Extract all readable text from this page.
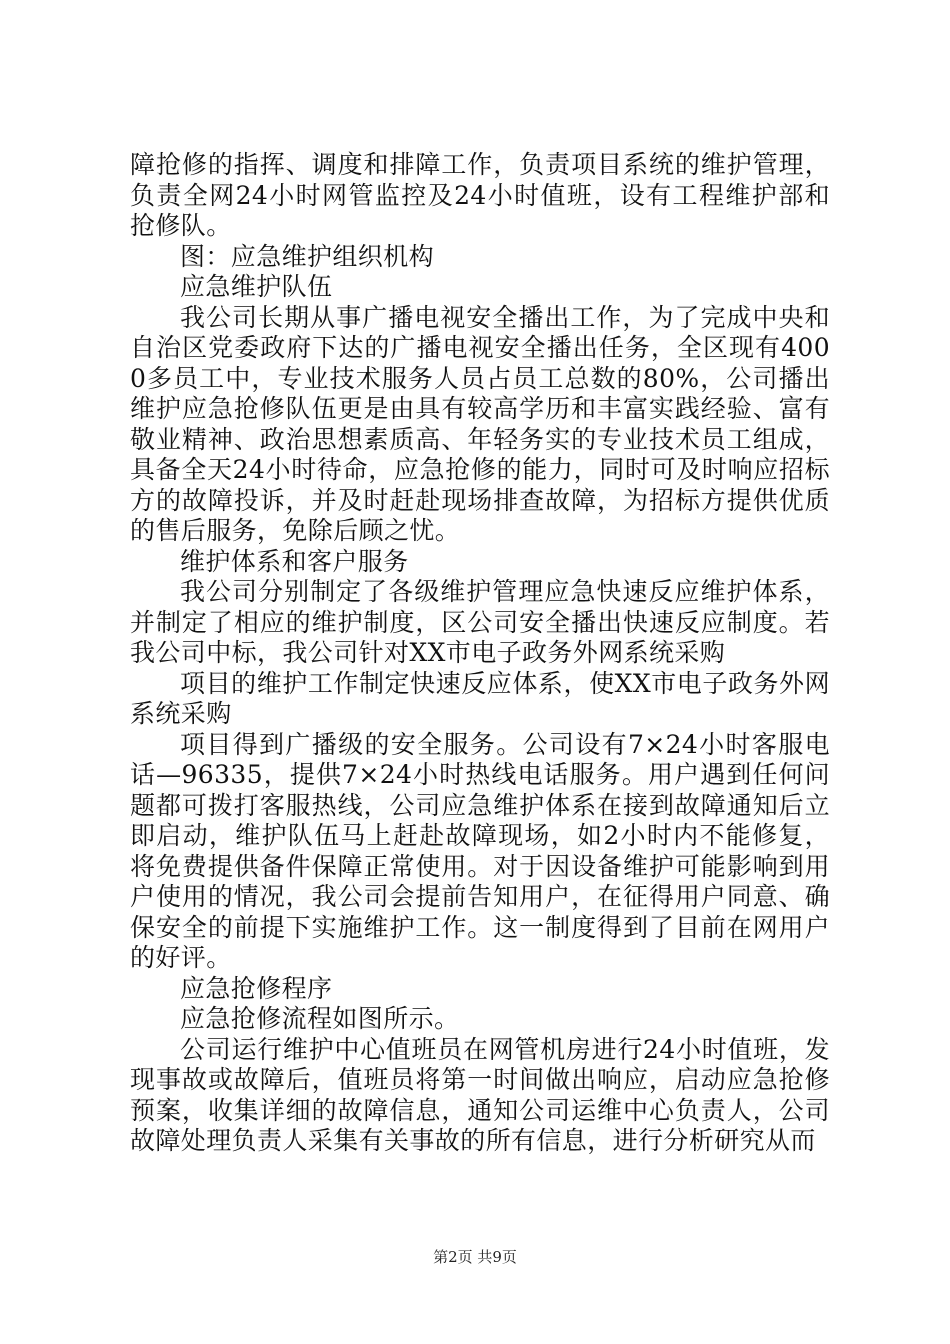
障抢修的指挥、调度和排障工作，负责项目系统的维护管理，负责全网24小时网管监控及24小时值班，设有工程维护部和抢修队。

图：应急维护组织机构

应急维护队伍

我公司长期从事广播电视安全播出工作，为了完成中央和自治区党委政府下达的广播电视安全播出任务，全区现有4000多员工中，专业技术服务人员占员工总数的80%，公司播出维护应急抢修队伍更是由具有较高学历和丰富实践经验、富有敬业精神、政治思想素质高、年轻务实的专业技术员工组成，具备全天24小时待命，应急抢修的能力，同时可及时响应招标方的故障投诉，并及时赶赴现场排查故障，为招标方提供优质的售后服务，免除后顾之忧。

维护体系和客户服务

我公司分别制定了各级维护管理应急快速反应维护体系，并制定了相应的维护制度，区公司安全播出快速反应制度。若我公司中标，我公司针对XX市电子政务外网系统采购

项目的维护工作制定快速反应体系，使XX市电子政务外网系统采购

项目得到广播级的安全服务。公司设有7×24小时客服电话—96335，提供7×24小时热线电话服务。用户遇到任何问题都可拨打客服热线，公司应急维护体系在接到故障通知后立即启动，维护队伍马上赶赴故障现场，如2小时内不能修复，将免费提供备件保障正常使用。对于因设备维护可能影响到用户使用的情况，我公司会提前告知用户，在征得用户同意、确保安全的前提下实施维护工作。这一制度得到了目前在网用户的好评。

应急抢修程序

应急抢修流程如图所示。

公司运行维护中心值班员在网管机房进行24小时值班，发现事故或故障后，值班员将第一时间做出响应，启动应急抢修预案，收集详细的故障信息，通知公司运维中心负责人，公司故障处理负责人采集有关事故的所有信息，进行分析研究从而

第2页 共9页
